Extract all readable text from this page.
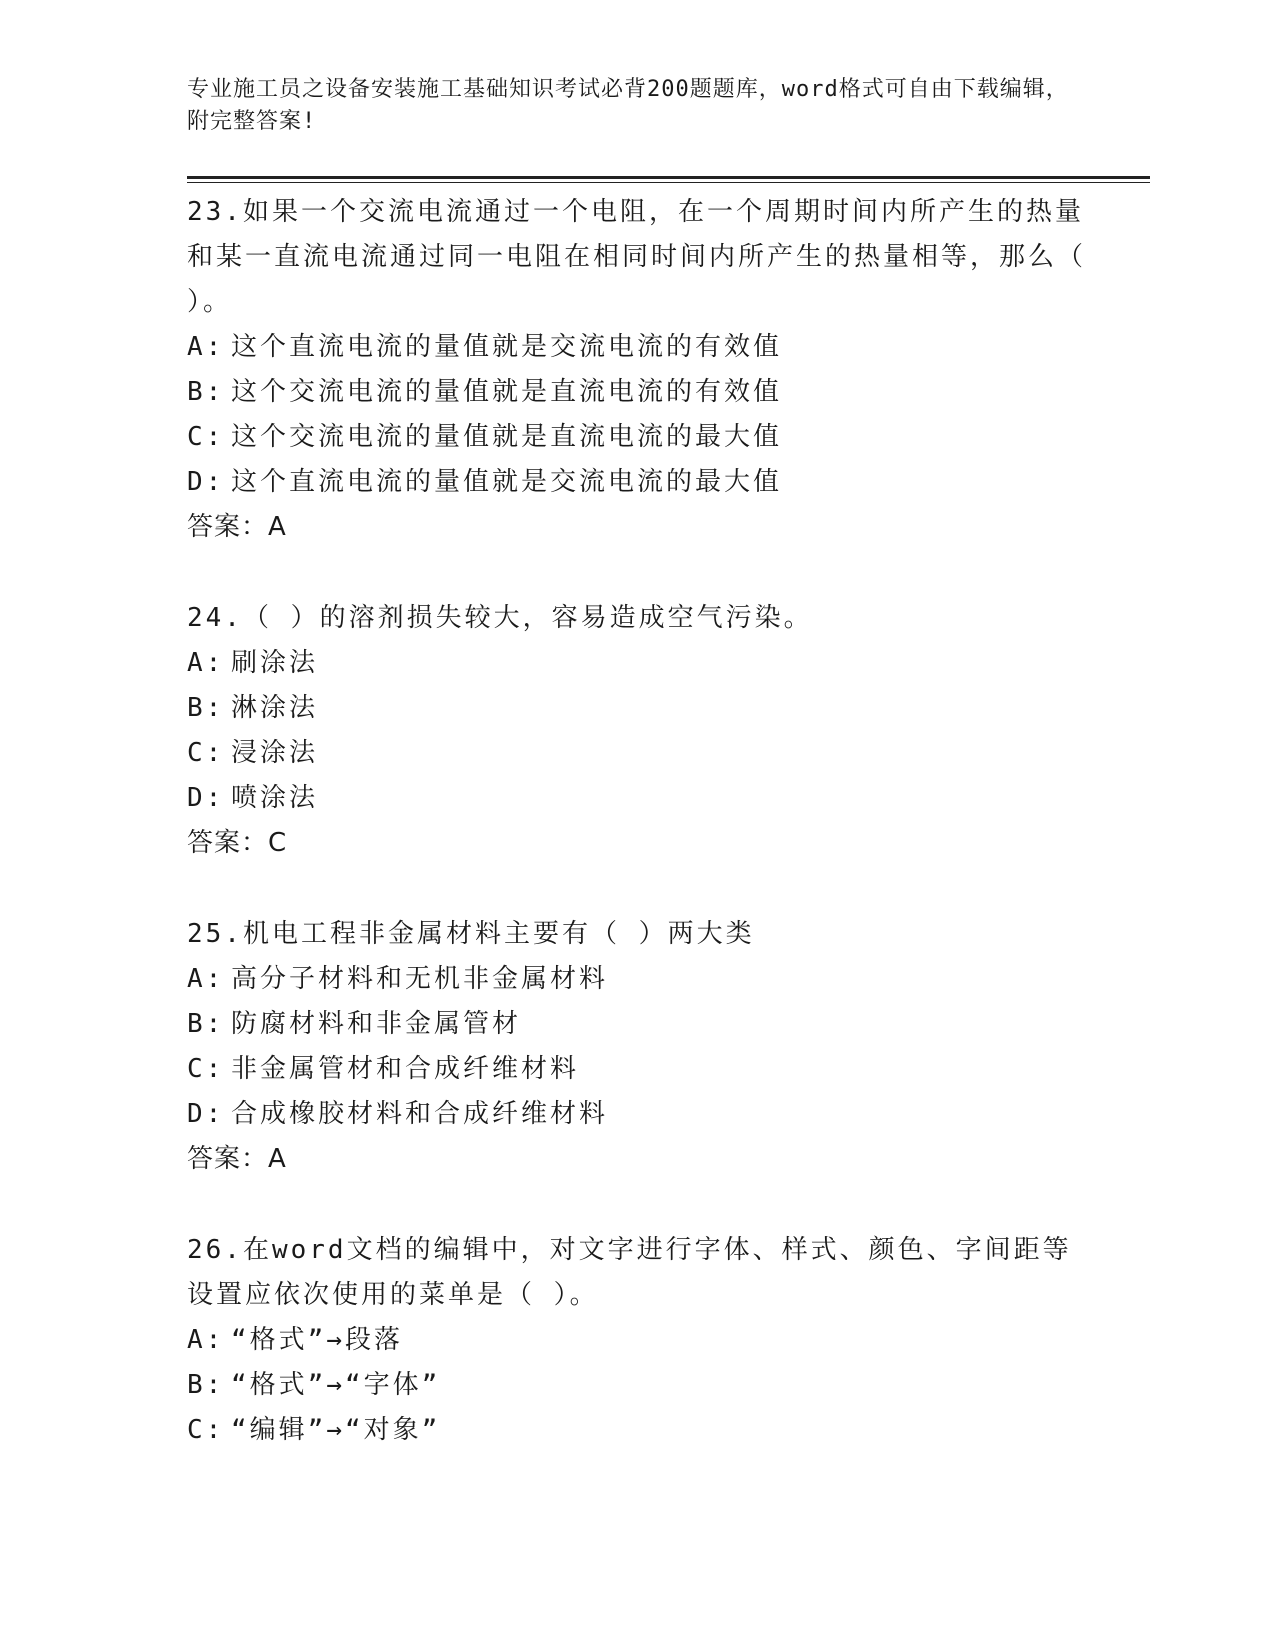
专业施工员之设备安装施工基础知识考试必背200题题库，word格式可自由下载编辑，附完整答案!
23.如果一个交流电流通过一个电阻，在一个周期时间内所产生的热量和某一直流电流通过同一电阻在相同时间内所产生的热量相等，那么（ ）。
A: 这个直流电流的量值就是交流电流的有效值
B: 这个交流电流的量值就是直流电流的有效值
C: 这个交流电流的量值就是直流电流的最大值
D: 这个直流电流的量值就是交流电流的最大值
答案：A
24.（ ）的溶剂损失较大，容易造成空气污染。
A: 刷涂法
B: 淋涂法
C: 浸涂法
D: 喷涂法
答案：C
25.机电工程非金属材料主要有（ ）两大类
A: 高分子材料和无机非金属材料
B: 防腐材料和非金属管材
C: 非金属管材和合成纤维材料
D: 合成橡胶材料和合成纤维材料
答案：A
26.在word文档的编辑中，对文字进行字体、样式、颜色、字间距等设置应依次使用的菜单是（ ）。
A: “格式”→段落
B: “格式”→“字体”
C: “编辑”→“对象”
